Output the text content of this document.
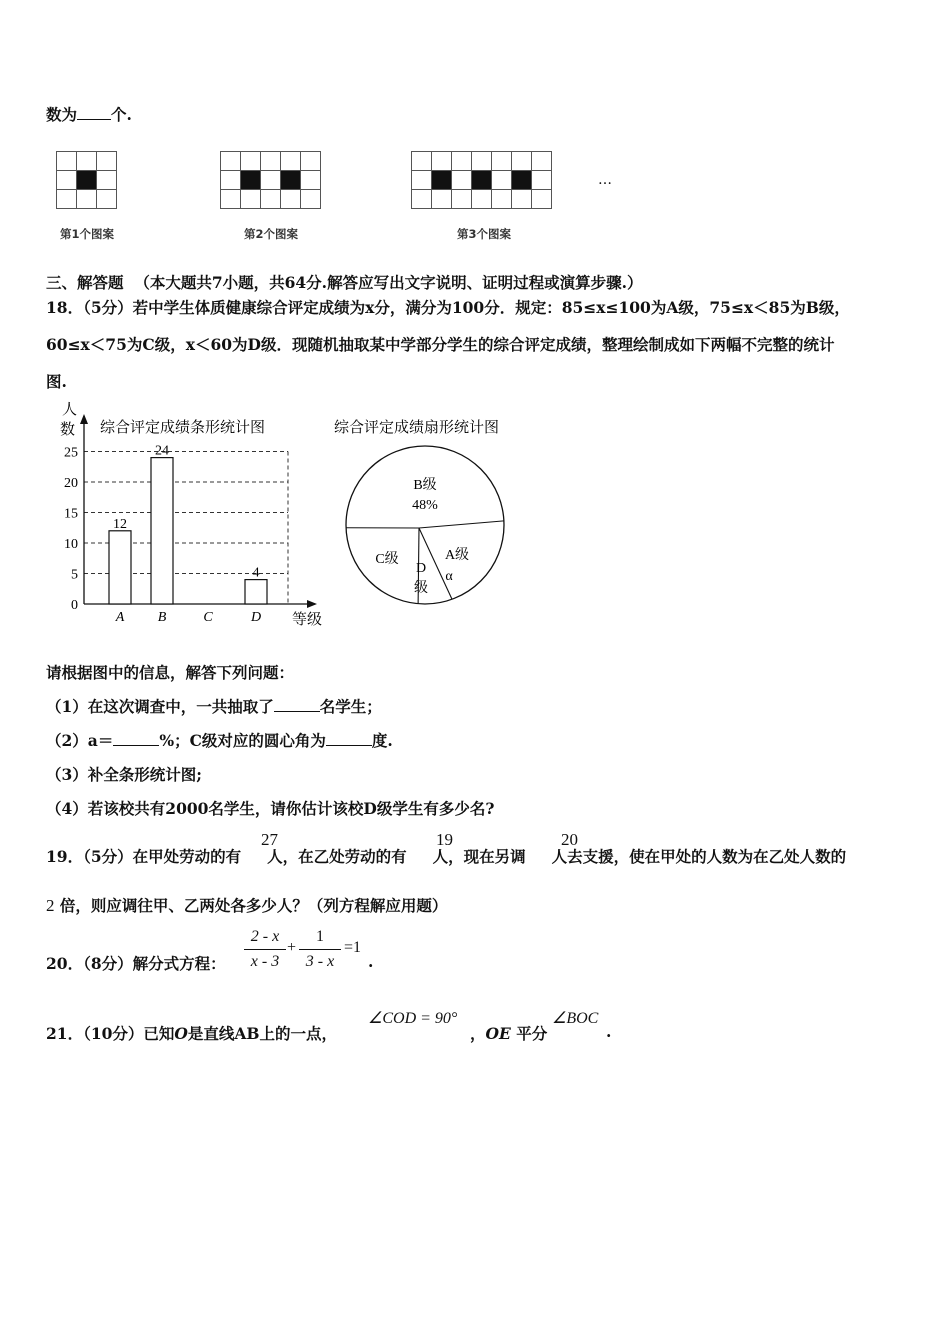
数为 个.

第1个图案

					第2个图案

							第3个图案
…
三、解答题 （本大题共7小题，共64分.解答应写出文字说明、证明过程或演算步骤.）
18．（5分）若中学生体质健康综合评定成绩为x分，满分为100分．规定：85≤x≤100为A级，75≤x＜85为B级，
60≤x＜75为C级，x＜60为D级．现随机抽取某中学部分学生的综合评定成绩，整理绘制成如下两幅不完整的统计
图.
综合评定成绩条形统计图
人
数
0
5
10
15
20
25
12
A
24
B	C
4
D 等级
综合评定成绩扇形统计图
B级
48%
A级
α
D
级
C级
请根据图中的信息，解答下列问题：
（1）在这次调查中，一共抽取了	名学生；
（2）a＝	%；C级对应的圆心角为	度.
（3）补全条形统计图;
（4）若该校共有2000名学生，请你估计该校D级学生有多少名?
19．（5分）在甲处劳动的有 人，在乙处劳动的有 人，现在另调 人去支援，使在甲处的人数为在乙处人数的
27	19	20
2 倍，则应调往甲、乙两处各多少人？（列方程解应用题）
20．（8分）解分式方程：
2 - x
x - 3
+
1
3 - x
=1
.
21．（10分）已知O是直线AB上的一点，
∠COD = 90°
，OE 平分
∠BOC
.
